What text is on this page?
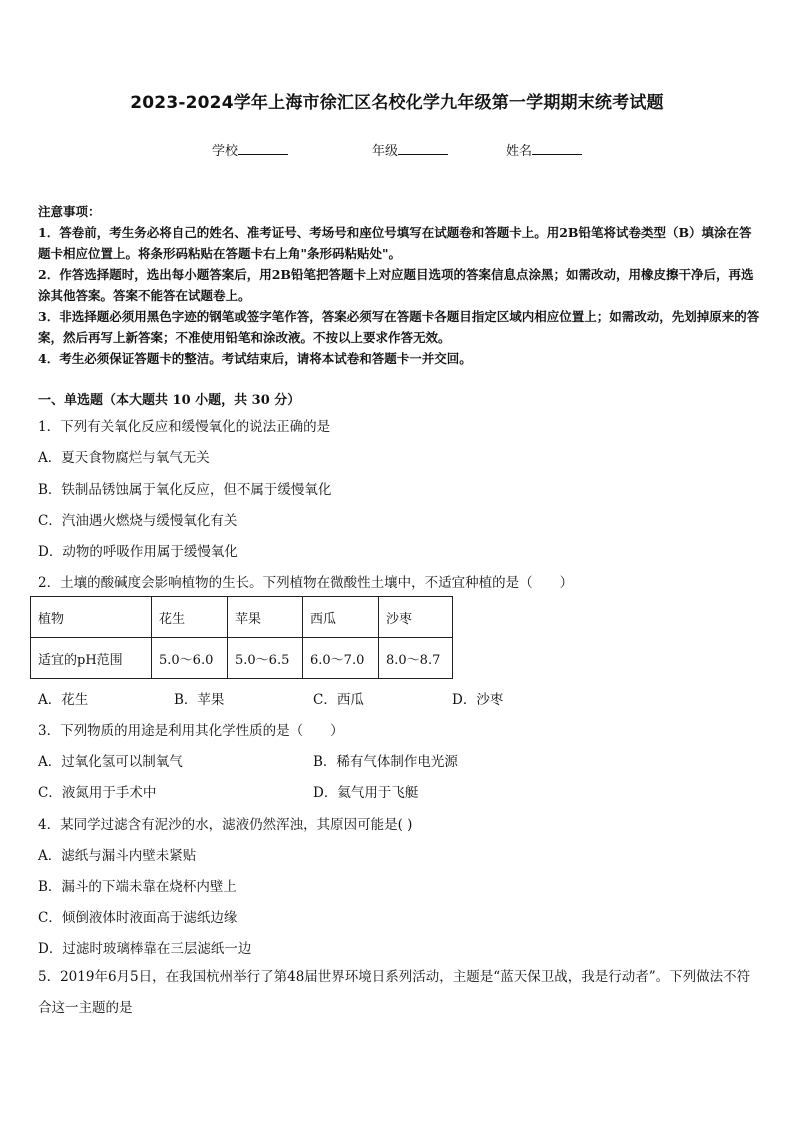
2023-2024学年上海市徐汇区名校化学九年级第一学期期末统考试题
学校	年级	姓名

注意事项：

1．答卷前，考生务必将自己的姓名、准考证号、考场号和座位号填写在试题卷和答题卡上。用2B铅笔将试卷类型（B）填涂在答题卡相应位置上。将条形码粘贴在答题卡右上角"条形码粘贴处"。

2．作答选择题时，选出每小题答案后，用2B铅笔把答题卡上对应题目选项的答案信息点涂黑；如需改动，用橡皮擦干净后，再选涂其他答案。答案不能答在试题卷上。

3．非选择题必须用黑色字迹的钢笔或签字笔作答，答案必须写在答题卡各题目指定区域内相应位置上；如需改动，先划掉原来的答案，然后再写上新答案；不准使用铅笔和涂改液。不按以上要求作答无效。

4．考生必须保证答题卡的整洁。考试结束后，请将本试卷和答题卡一并交回。

一、单选题（本大题共 10 小题，共 30 分）
1．下列有关氧化反应和缓慢氧化的说法正确的是
A．夏天食物腐烂与氧气无关
B．铁制品锈蚀属于氧化反应，但不属于缓慢氧化
C．汽油遇火燃烧与缓慢氧化有关
D．动物的呼吸作用属于缓慢氧化
2．土壤的酸碱度会影响植物的生长。下列植物在微酸性土壤中，不适宜种植的是（　　）
植物	花生	苹果	西瓜	沙枣
适宜的pH范围	5.0～6.0	5.0～6.5	6.0～7.0	8.0～8.7
A．花生	B．苹果	C．西瓜	D．沙枣
3．下列物质的用途是利用其化学性质的是（　　）
A．过氧化氢可以制氧气	B．稀有气体制作电光源
C．液氮用于手术中	D．氦气用于飞艇
4．某同学过滤含有泥沙的水，滤液仍然浑浊，其原因可能是( )
A．滤纸与漏斗内壁未紧贴
B．漏斗的下端未靠在烧杯内壁上
C．倾倒液体时液面高于滤纸边缘
D．过滤时玻璃棒靠在三层滤纸一边
5．2019年6月5日，在我国杭州举行了第48届世界环境日系列活动，主题是“蓝天保卫战，我是行动者”。下列做法不符合这一主题的是
